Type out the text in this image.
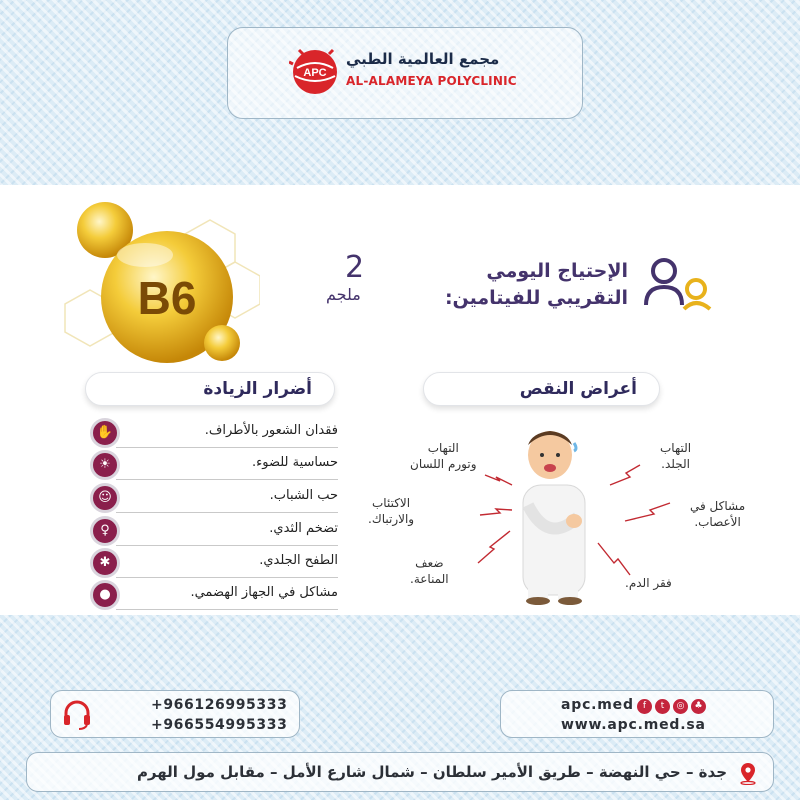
APC
مجمع العالمية الطبي
AL-ALAMEYA POLYCLINIC
B6
الإحتياج اليومي
التقريبي للفيتامين:
2
ملجم
أضرار الزيادة	أعراض النقص
✋	فقدان الشعور بالأطراف.
☀	حساسية للضوء.
☺	حب الشباب.
♀	تضخم الثدي.
✱	الطفح الجلدي.
●	مشاكل في الجهاز الهضمي.
التهاب
وتورم اللسان
التهاب
الجلد.
الاكتئاب
والارتباك.
مشاكل في
الأعصاب.
ضعف
المناعة.	فقر الدم.
+966126995333
+966554995333
apc.med	f	t	◎	♣
www.apc.med.sa
جدة – حي النهضة – طريق الأمير سلطان – شمال شارع الأمل – مقابل مول الهرم
